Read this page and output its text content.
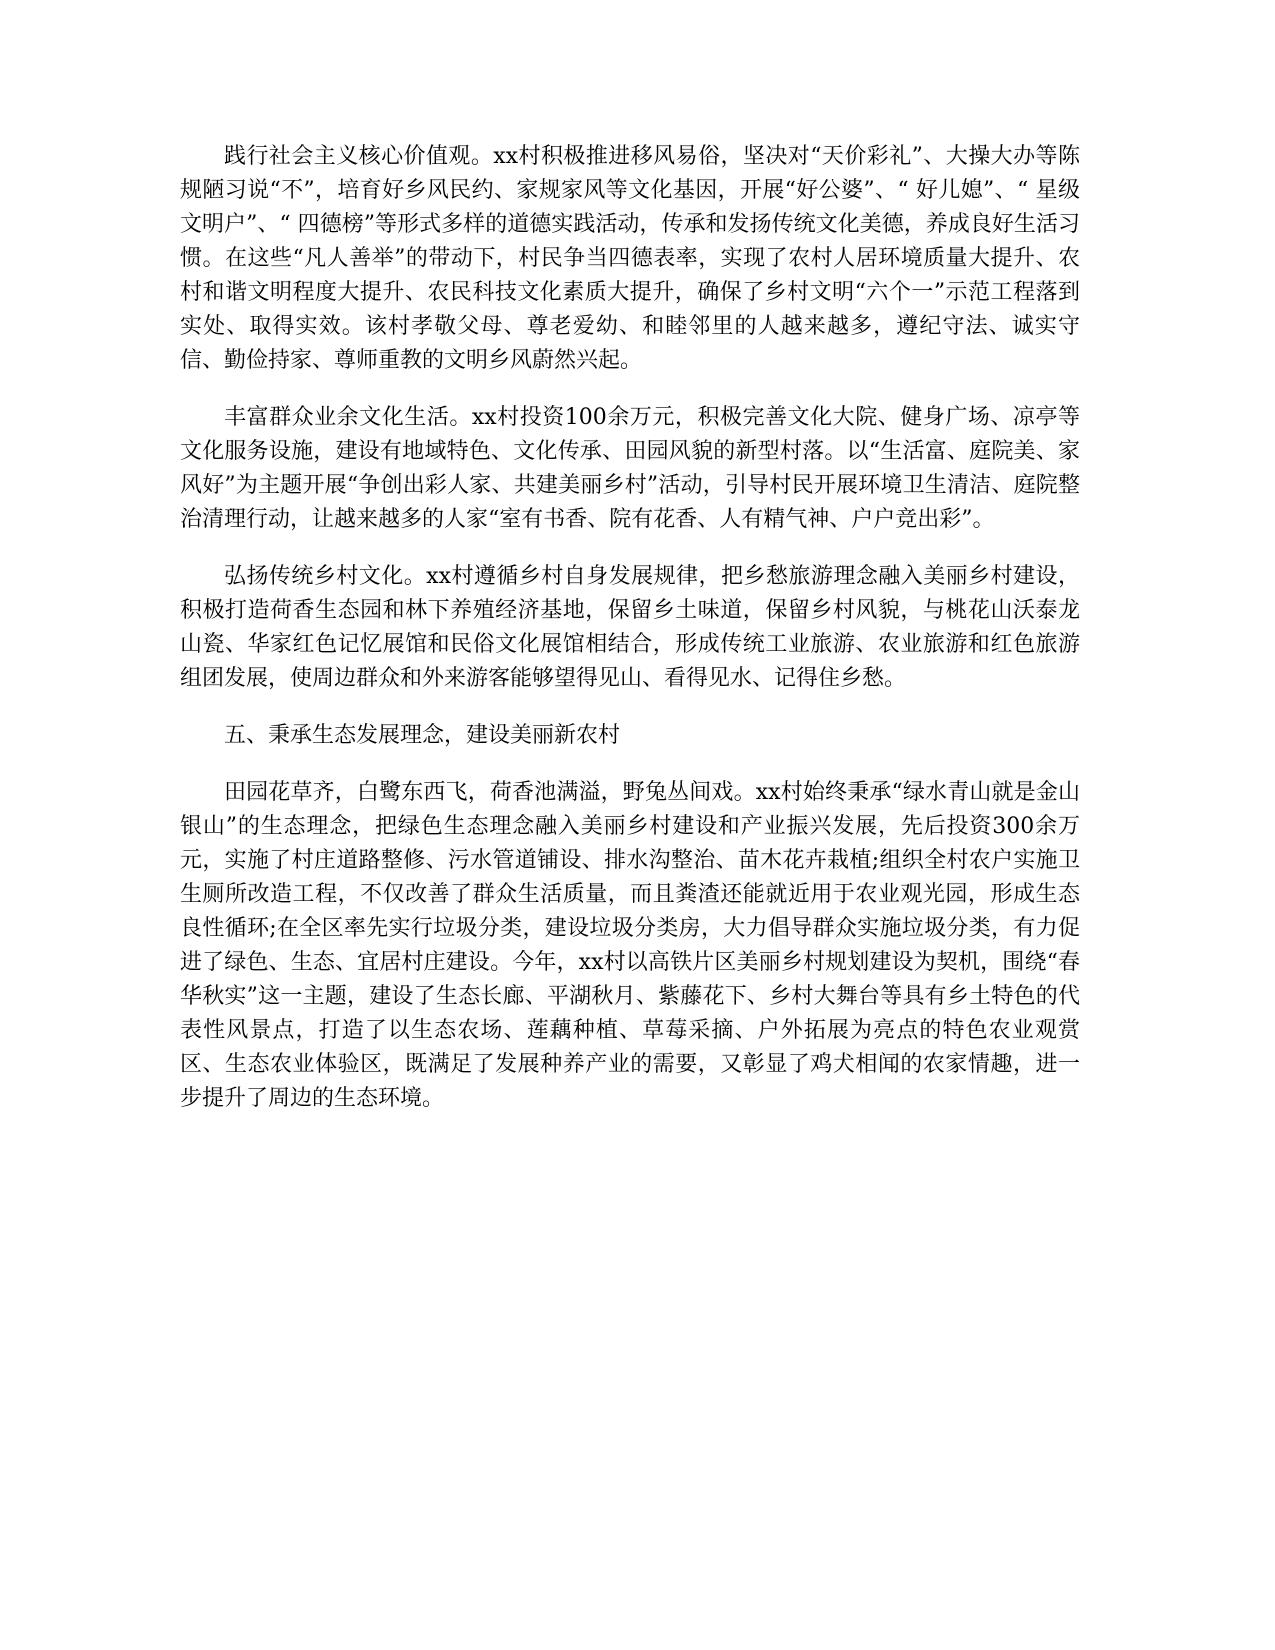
践行社会主义核心价值观。xx村积极推进移风易俗，坚决对“天价彩礼”、大操大办等陈规陋习说“不”，培育好乡风民约、家规家风等文化基因，开展“好公婆”、“ 好儿媳”、“ 星级文明户”、“ 四德榜”等形式多样的道德实践活动，传承和发扬传统文化美德，养成良好生活习惯。在这些“凡人善举”的带动下，村民争当四德表率，实现了农村人居环境质量大提升、农村和谐文明程度大提升、农民科技文化素质大提升，确保了乡村文明“六个一”示范工程落到实处、取得实效。该村孝敬父母、尊老爱幼、和睦邻里的人越来越多，遵纪守法、诚实守信、勤俭持家、尊师重教的文明乡风蔚然兴起。

丰富群众业余文化生活。xx村投资100余万元，积极完善文化大院、健身广场、凉亭等文化服务设施，建设有地域特色、文化传承、田园风貌的新型村落。以“生活富、庭院美、家风好”为主题开展“争创出彩人家、共建美丽乡村”活动，引导村民开展环境卫生清洁、庭院整治清理行动，让越来越多的人家“室有书香、院有花香、人有精气神、户户竞出彩”。

弘扬传统乡村文化。xx村遵循乡村自身发展规律，把乡愁旅游理念融入美丽乡村建设，积极打造荷香生态园和林下养殖经济基地，保留乡土味道，保留乡村风貌，与桃花山沃泰龙山瓷、华家红色记忆展馆和民俗文化展馆相结合，形成传统工业旅游、农业旅游和红色旅游组团发展，使周边群众和外来游客能够望得见山、看得见水、记得住乡愁。

五、秉承生态发展理念，建设美丽新农村

田园花草齐，白鹭东西飞，荷香池满溢，野兔丛间戏。xx村始终秉承“绿水青山就是金山银山”的生态理念，把绿色生态理念融入美丽乡村建设和产业振兴发展，先后投资300余万元，实施了村庄道路整修、污水管道铺设、排水沟整治、苗木花卉栽植;组织全村农户实施卫生厕所改造工程，不仅改善了群众生活质量，而且粪渣还能就近用于农业观光园，形成生态良性循环;在全区率先实行垃圾分类，建设垃圾分类房，大力倡导群众实施垃圾分类，有力促进了绿色、生态、宜居村庄建设。今年，xx村以高铁片区美丽乡村规划建设为契机，围绕“春华秋实”这一主题，建设了生态长廊、平湖秋月、紫藤花下、乡村大舞台等具有乡土特色的代表性风景点，打造了以生态农场、莲藕种植、草莓采摘、户外拓展为亮点的特色农业观赏区、生态农业体验区，既满足了发展种养产业的需要，又彰显了鸡犬相闻的农家情趣，进一步提升了周边的生态环境。
